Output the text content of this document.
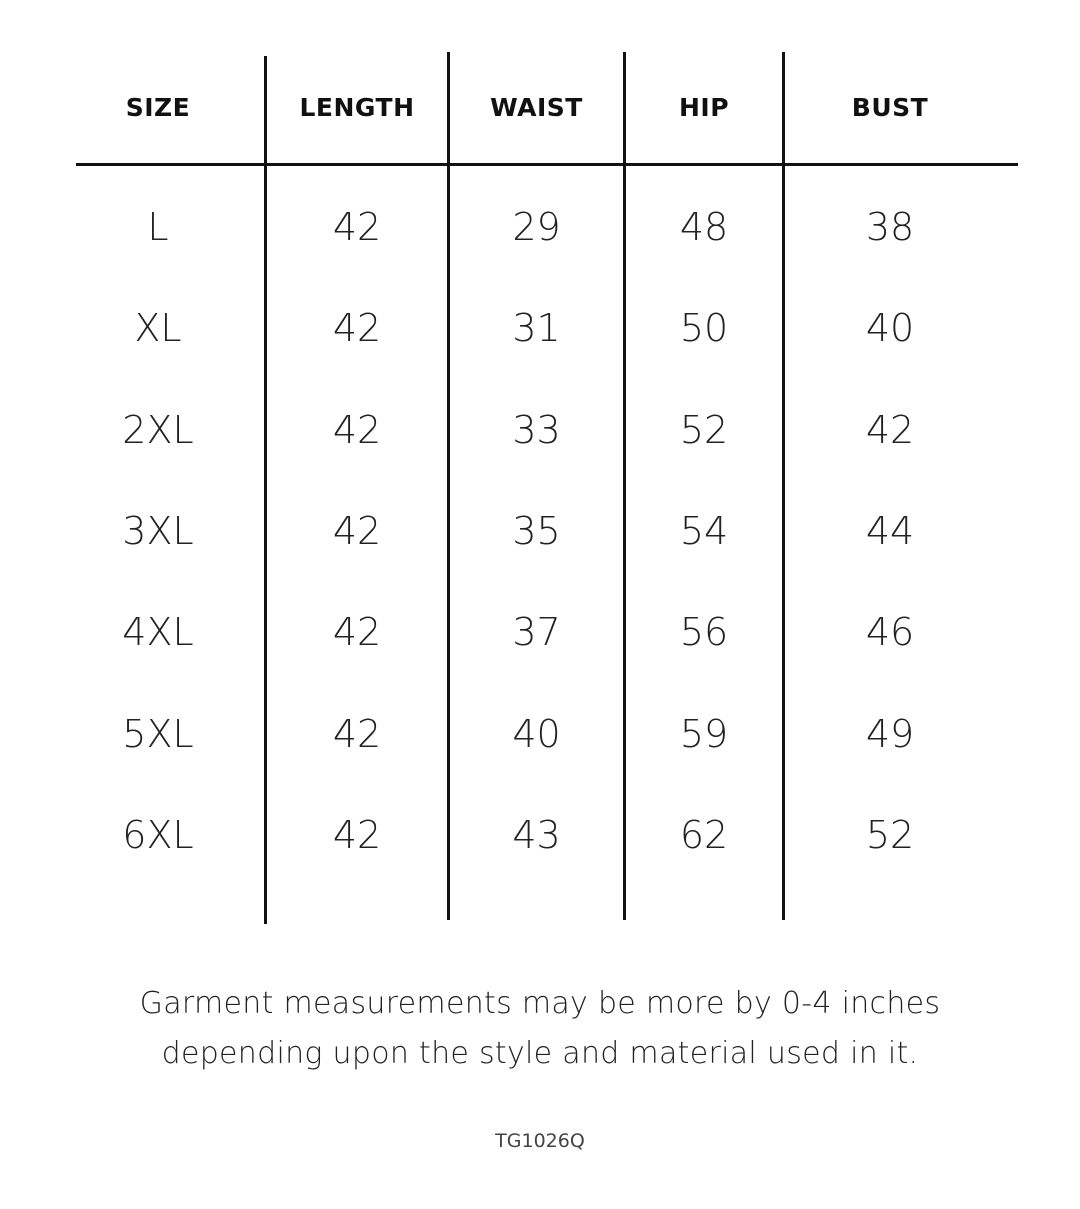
SIZE	LENGTH	WAIST	HIP	BUST
L	42	29	48	38
XL	42	31	50	40
2XL	42	33	52	42
3XL	42	35	54	44
4XL	42	37	56	46
5XL	42	40	59	49
6XL	42	43	62	52
Garment measurements may be more by 0-4 inches
depending upon the style and material used in it.
TG1026Q
